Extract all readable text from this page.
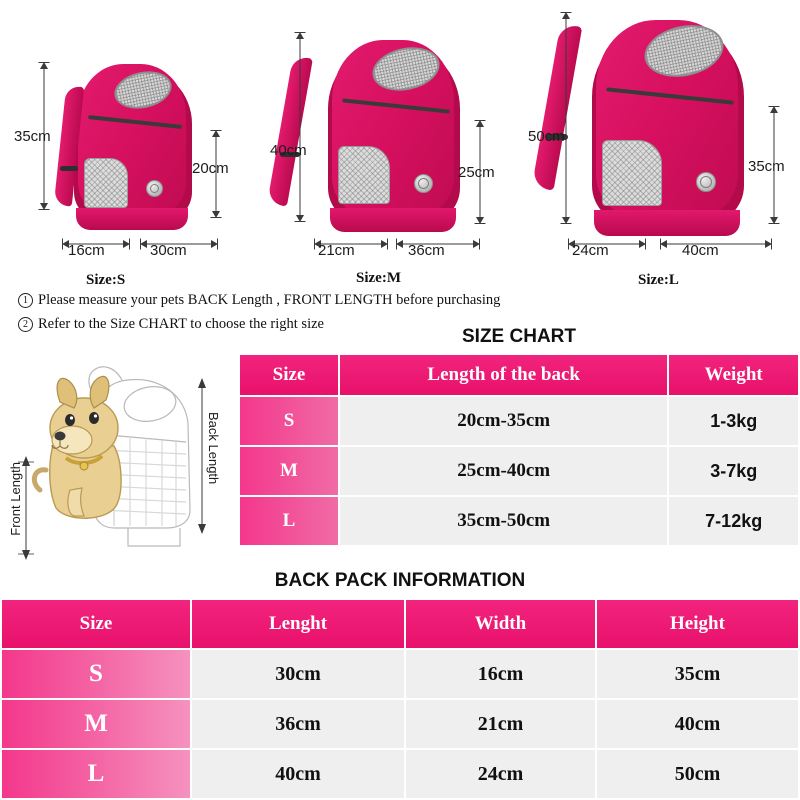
35cm
20cm
16cm	30cm
Size:S
40cm
25cm
21cm	36cm
Size:M
50cm
35cm
24cm	40cm
Size:L
1 Please measure your pets BACK Length , FRONT LENGTH before purchasing
2 Refer to the Size CHART to choose the right size
Back Length
Front Length
SIZE CHART
Size	Length of the back	Weight
S	20cm-35cm	1-3kg
M	25cm-40cm	3-7kg
L	35cm-50cm	7-12kg
BACK PACK INFORMATION
Size	Lenght	Width	Height
S	30cm	16cm	35cm
M	36cm	21cm	40cm
L	40cm	24cm	50cm
